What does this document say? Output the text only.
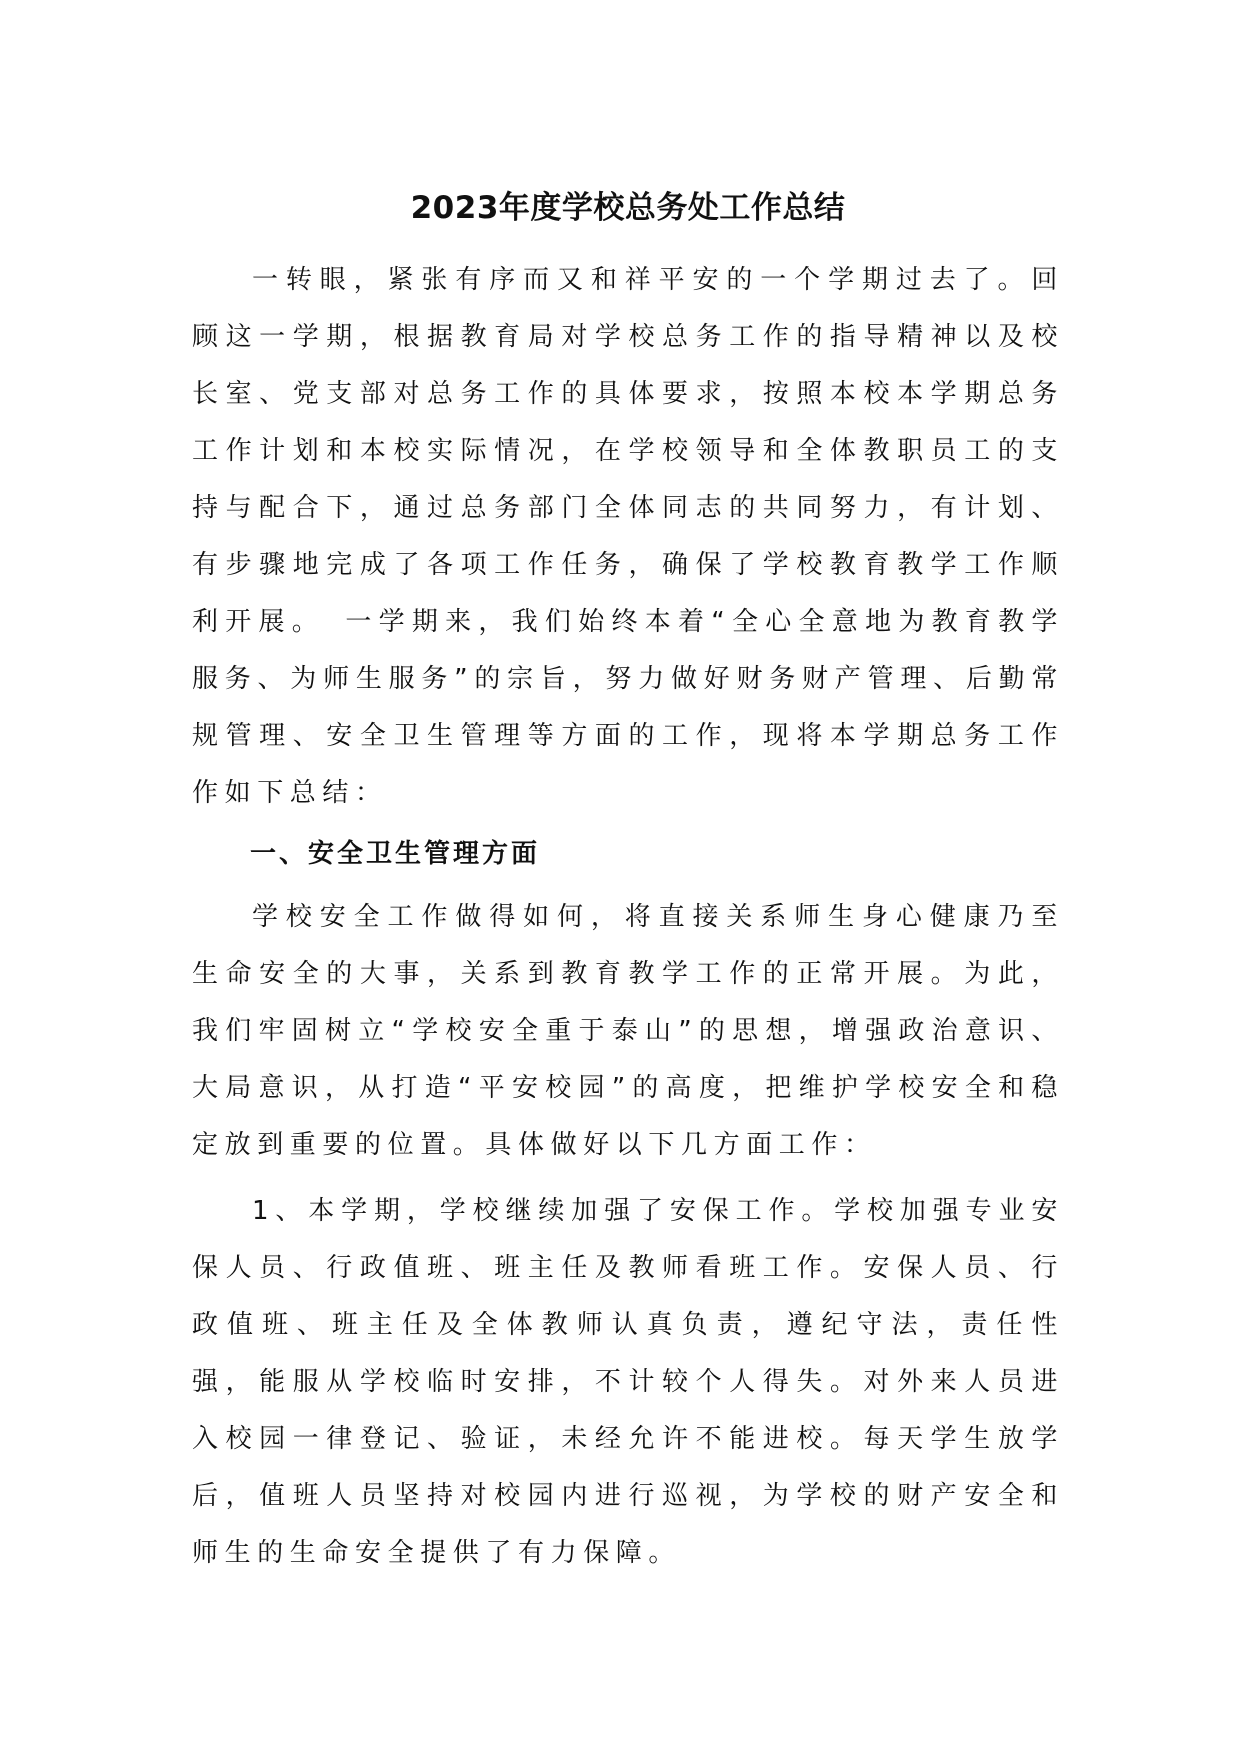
2023年度学校总务处工作总结

一转眼，紧张有序而又和祥平安的一个学期过去了。回顾这一学期，根据教育局对学校总务工作的指导精神以及校长室、党支部对总务工作的具体要求，按照本校本学期总务工作计划和本校实际情况，在学校领导和全体教职员工的支持与配合下，通过总务部门全体同志的共同努力，有计划、有步骤地完成了各项工作任务，确保了学校教育教学工作顺利开展。　一学期来，我们始终本着“全心全意地为教育教学服务、为师生服务”的宗旨，努力做好财务财产管理、后勤常规管理、安全卫生管理等方面的工作，现将本学期总务工作作如下总结：

一、安全卫生管理方面

学校安全工作做得如何，将直接关系师生身心健康乃至生命安全的大事，关系到教育教学工作的正常开展。为此，我们牢固树立“学校安全重于泰山”的思想，增强政治意识、大局意识，从打造“平安校园”的高度，把维护学校安全和稳定放到重要的位置。具体做好以下几方面工作：

1、本学期，学校继续加强了安保工作。学校加强专业安保人员、行政值班、班主任及教师看班工作。安保人员、行政值班、班主任及全体教师认真负责，遵纪守法，责任性强，能服从学校临时安排，不计较个人得失。对外来人员进入校园一律登记、验证，未经允许不能进校。每天学生放学后，值班人员坚持对校园内进行巡视，为学校的财产安全和师生的生命安全提供了有力保障。
